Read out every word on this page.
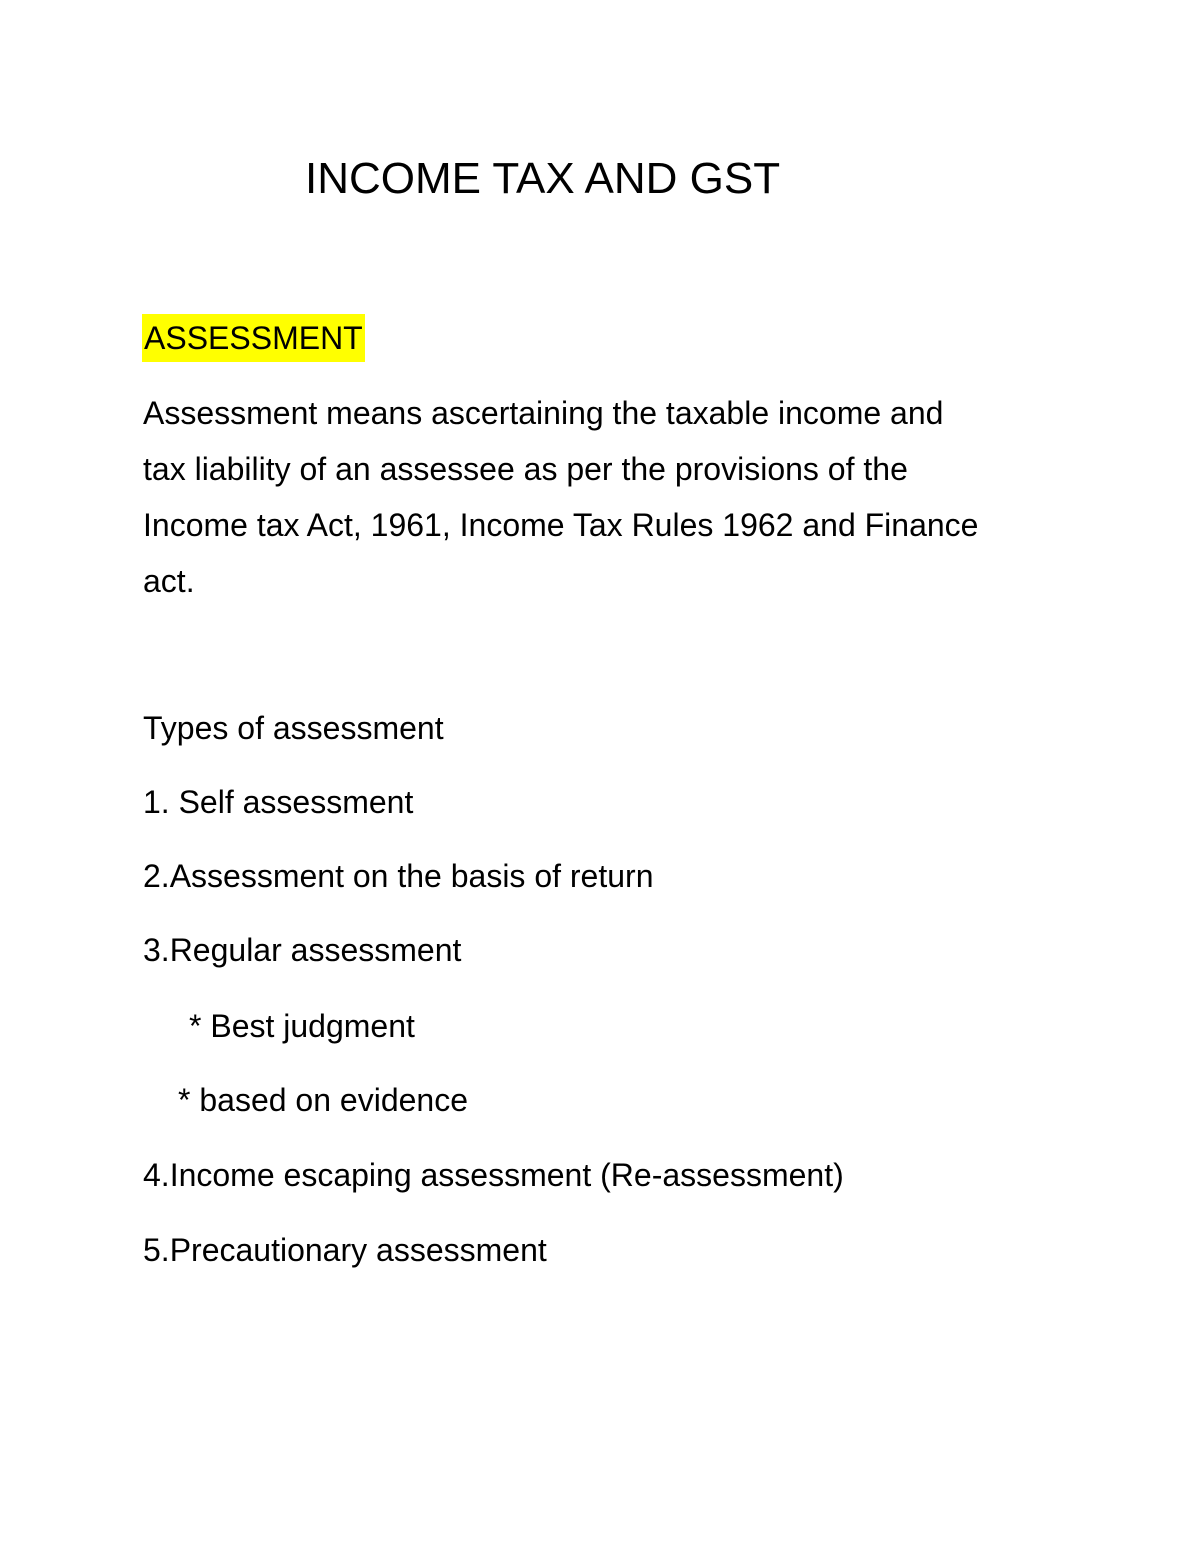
INCOME TAX AND GST
ASSESSMENT
Assessment means ascertaining the taxable income and
tax liability of an assessee as per the provisions of the
Income tax Act, 1961, Income Tax Rules 1962 and Finance
act.
Types of assessment
1. Self assessment
2.Assessment on the basis of return
3.Regular assessment
* Best judgment
* based on evidence
4.Income escaping assessment (Re-assessment)
5.Precautionary assessment
